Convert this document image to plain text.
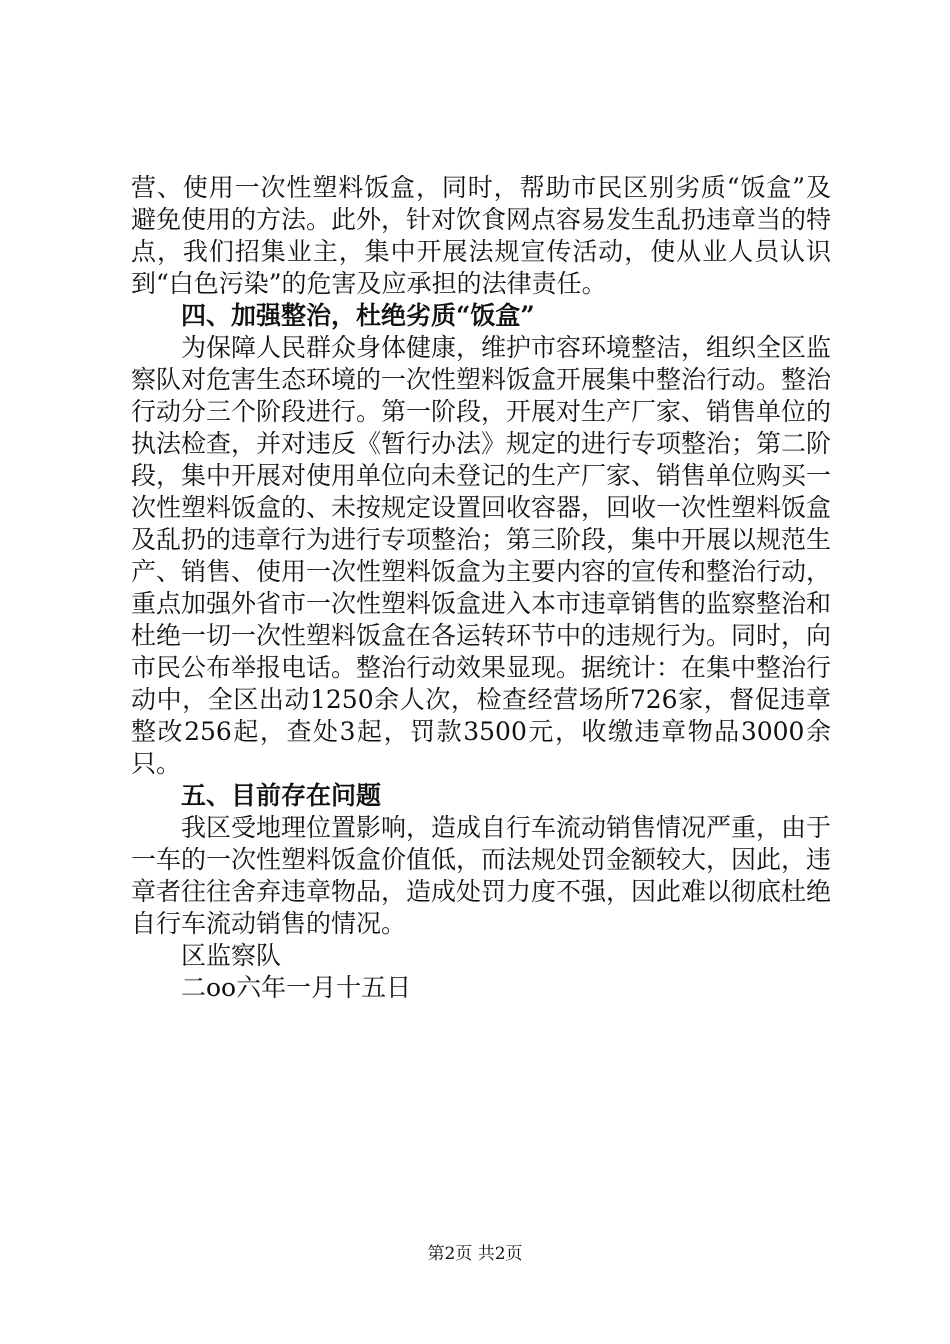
营、使用一次性塑料饭盒，同时，帮助市民区别劣质“饭盒”及避免使用的方法。此外，针对饮食网点容易发生乱扔违章当的特点，我们招集业主，集中开展法规宣传活动，使从业人员认识到“白色污染”的危害及应承担的法律责任。

四、加强整治，杜绝劣质“饭盒”

为保障人民群众身体健康，维护市容环境整洁，组织全区监察队对危害生态环境的一次性塑料饭盒开展集中整治行动。整治行动分三个阶段进行。第一阶段，开展对生产厂家、销售单位的执法检查，并对违反《暂行办法》规定的进行专项整治；第二阶段，集中开展对使用单位向未登记的生产厂家、销售单位购买一次性塑料饭盒的、未按规定设置回收容器，回收一次性塑料饭盒及乱扔的违章行为进行专项整治；第三阶段，集中开展以规范生产、销售、使用一次性塑料饭盒为主要内容的宣传和整治行动，重点加强外省市一次性塑料饭盒进入本市违章销售的监察整治和杜绝一切一次性塑料饭盒在各运转环节中的违规行为。同时，向市民公布举报电话。整治行动效果显现。据统计：在集中整治行动中，全区出动1250余人次，检查经营场所726家，督促违章整改256起，查处3起，罚款3500元，收缴违章物品3000余只。

五、目前存在问题

我区受地理位置影响，造成自行车流动销售情况严重，由于一车的一次性塑料饭盒价值低，而法规处罚金额较大，因此，违章者往往舍弃违章物品，造成处罚力度不强，因此难以彻底杜绝自行车流动销售的情况。

区监察队

二oo六年一月十五日

第2页 共2页
